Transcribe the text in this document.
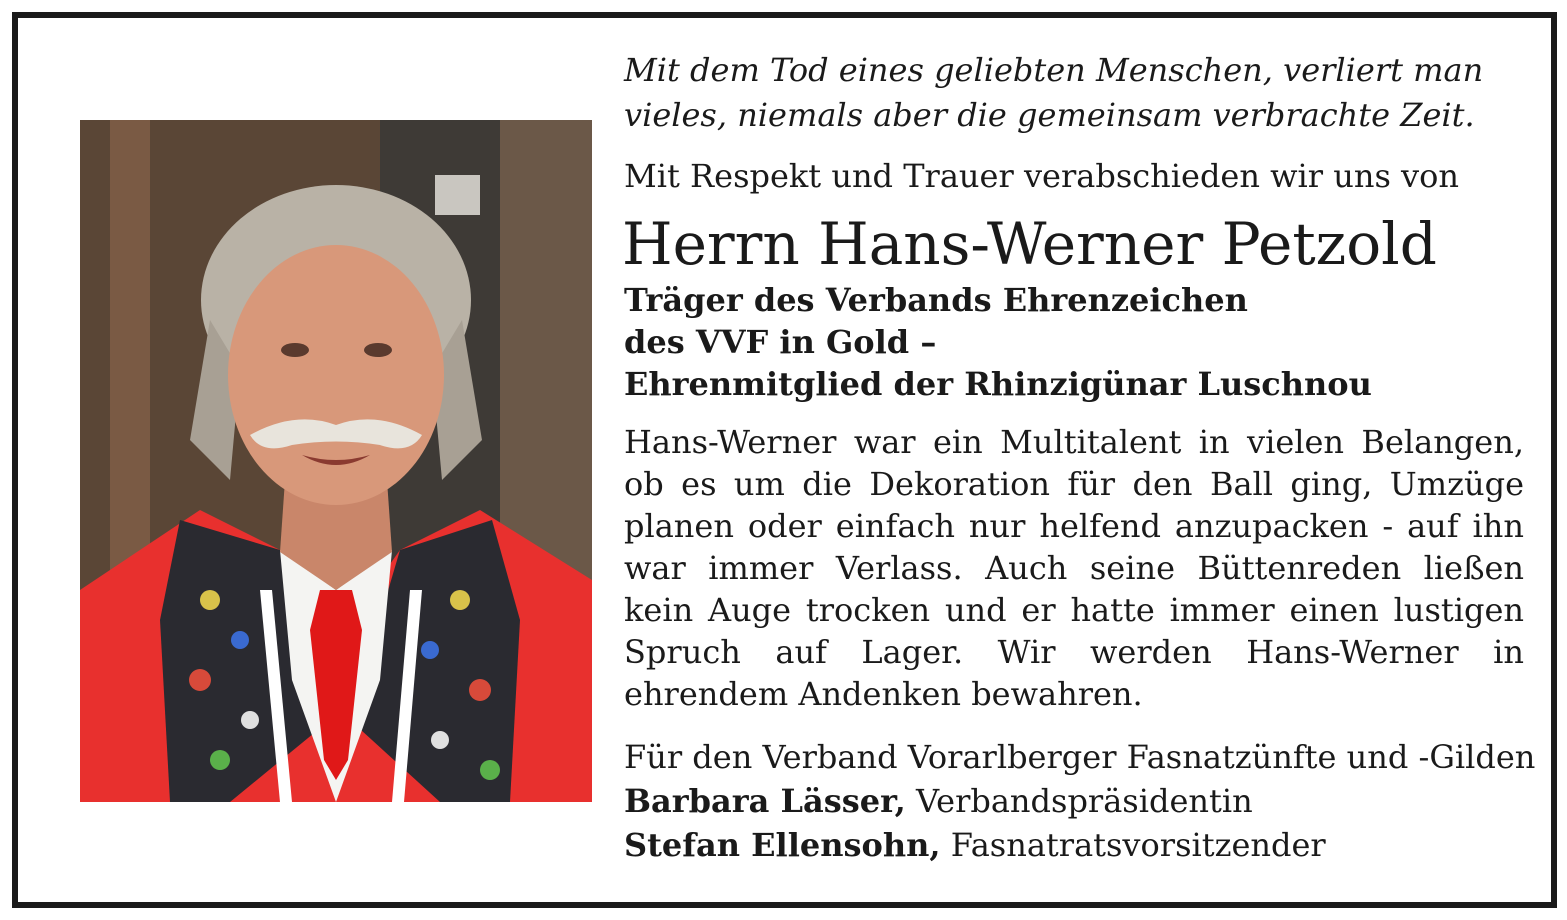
Mit dem Tod eines geliebten Menschen, verliert man
vieles, niemals aber die gemeinsam verbrachte Zeit.
Mit Respekt und Trauer verabschieden wir uns von
Herrn Hans-Werner Petzold
Träger des Verbands Ehrenzeichen
des VVF in Gold –
Ehrenmitglied der Rhinzigünar Luschnou
Hans-Werner war ein Multitalent in vielen Belangen, ob es um die Dekoration für den Ball ging, Umzüge planen oder einfach nur helfend anzupacken - auf ihn war immer Verlass. Auch seine Büttenreden ließen kein Auge trocken und er hatte immer einen lustigen Spruch auf Lager. Wir werden Hans-Werner in ehrendem Andenken bewahren.
Für den Verband Vorarlberger Fasnatzünfte und -Gilden
Barbara Lässer, Verbandspräsidentin
Stefan Ellensohn, Fasnatratsvorsitzender
